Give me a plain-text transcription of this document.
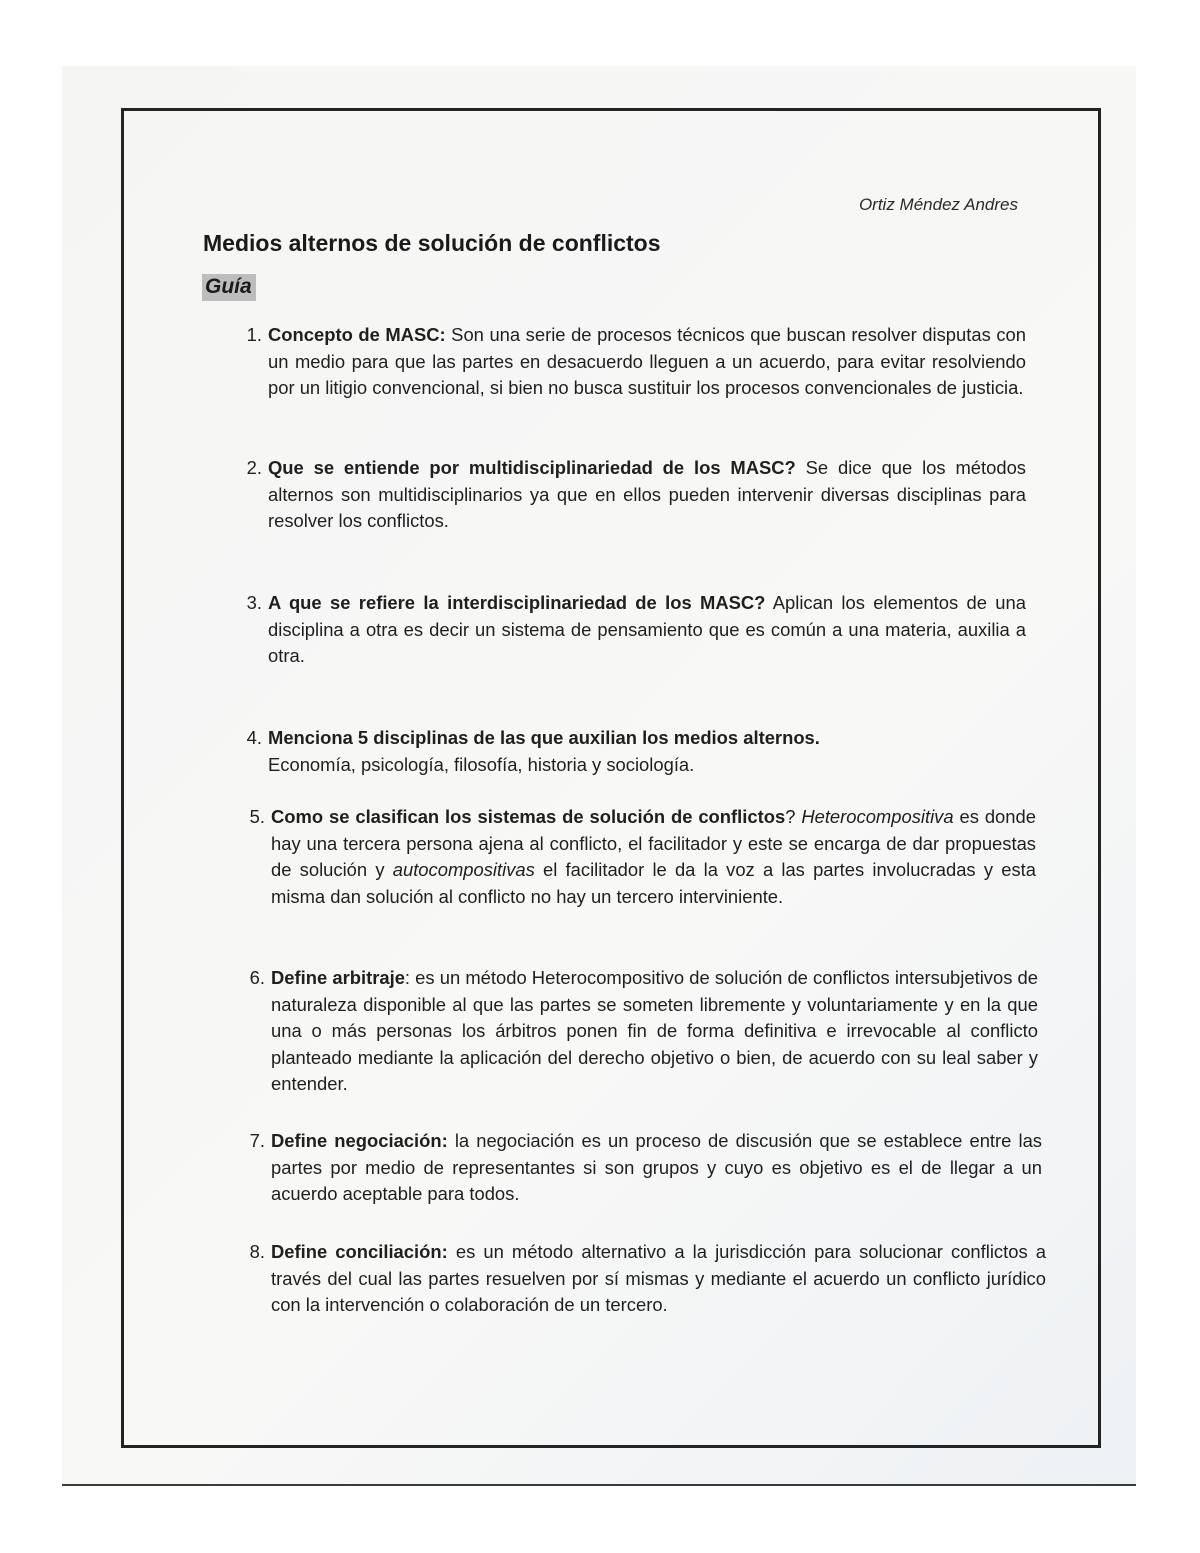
Ortiz Méndez Andres
Medios alternos de solución de conflictos
Guía
1. Concepto de MASC: Son una serie de procesos técnicos que buscan resolver disputas con un medio para que las partes en desacuerdo lleguen a un acuerdo, para evitar resolviendo por un litigio convencional, si bien no busca sustituir los procesos convencionales de justicia.
2. Que se entiende por multidisciplinariedad de los MASC? Se dice que los métodos alternos son multidisciplinarios ya que en ellos pueden intervenir diversas disciplinas para resolver los conflictos.
3. A que se refiere la interdisciplinariedad de los MASC? Aplican los elementos de una disciplina a otra es decir un sistema de pensamiento que es común a una materia, auxilia a otra.
4. Menciona 5 disciplinas de las que auxilian los medios alternos.
Economía, psicología, filosofía, historia y sociología.
5. Como se clasifican los sistemas de solución de conflictos? Heterocompositiva es donde hay una tercera persona ajena al conflicto, el facilitador y este se encarga de dar propuestas de solución y autocompositivas el facilitador le da la voz a las partes involucradas y esta misma dan solución al conflicto no hay un tercero interviniente.
6. Define arbitraje: es un método Heterocompositivo de solución de conflictos intersubjetivos de naturaleza disponible al que las partes se someten libremente y voluntariamente y en la que una o más personas los árbitros ponen fin de forma definitiva e irrevocable al conflicto planteado mediante la aplicación del derecho objetivo o bien, de acuerdo con su leal saber y entender.
7. Define negociación: la negociación es un proceso de discusión que se establece entre las partes por medio de representantes si son grupos y cuyo es objetivo es el de llegar a un acuerdo aceptable para todos.
8. Define conciliación: es un método alternativo a la jurisdicción para solucionar conflictos a través del cual las partes resuelven por sí mismas y mediante el acuerdo un conflicto jurídico con la intervención o colaboración de un tercero.
